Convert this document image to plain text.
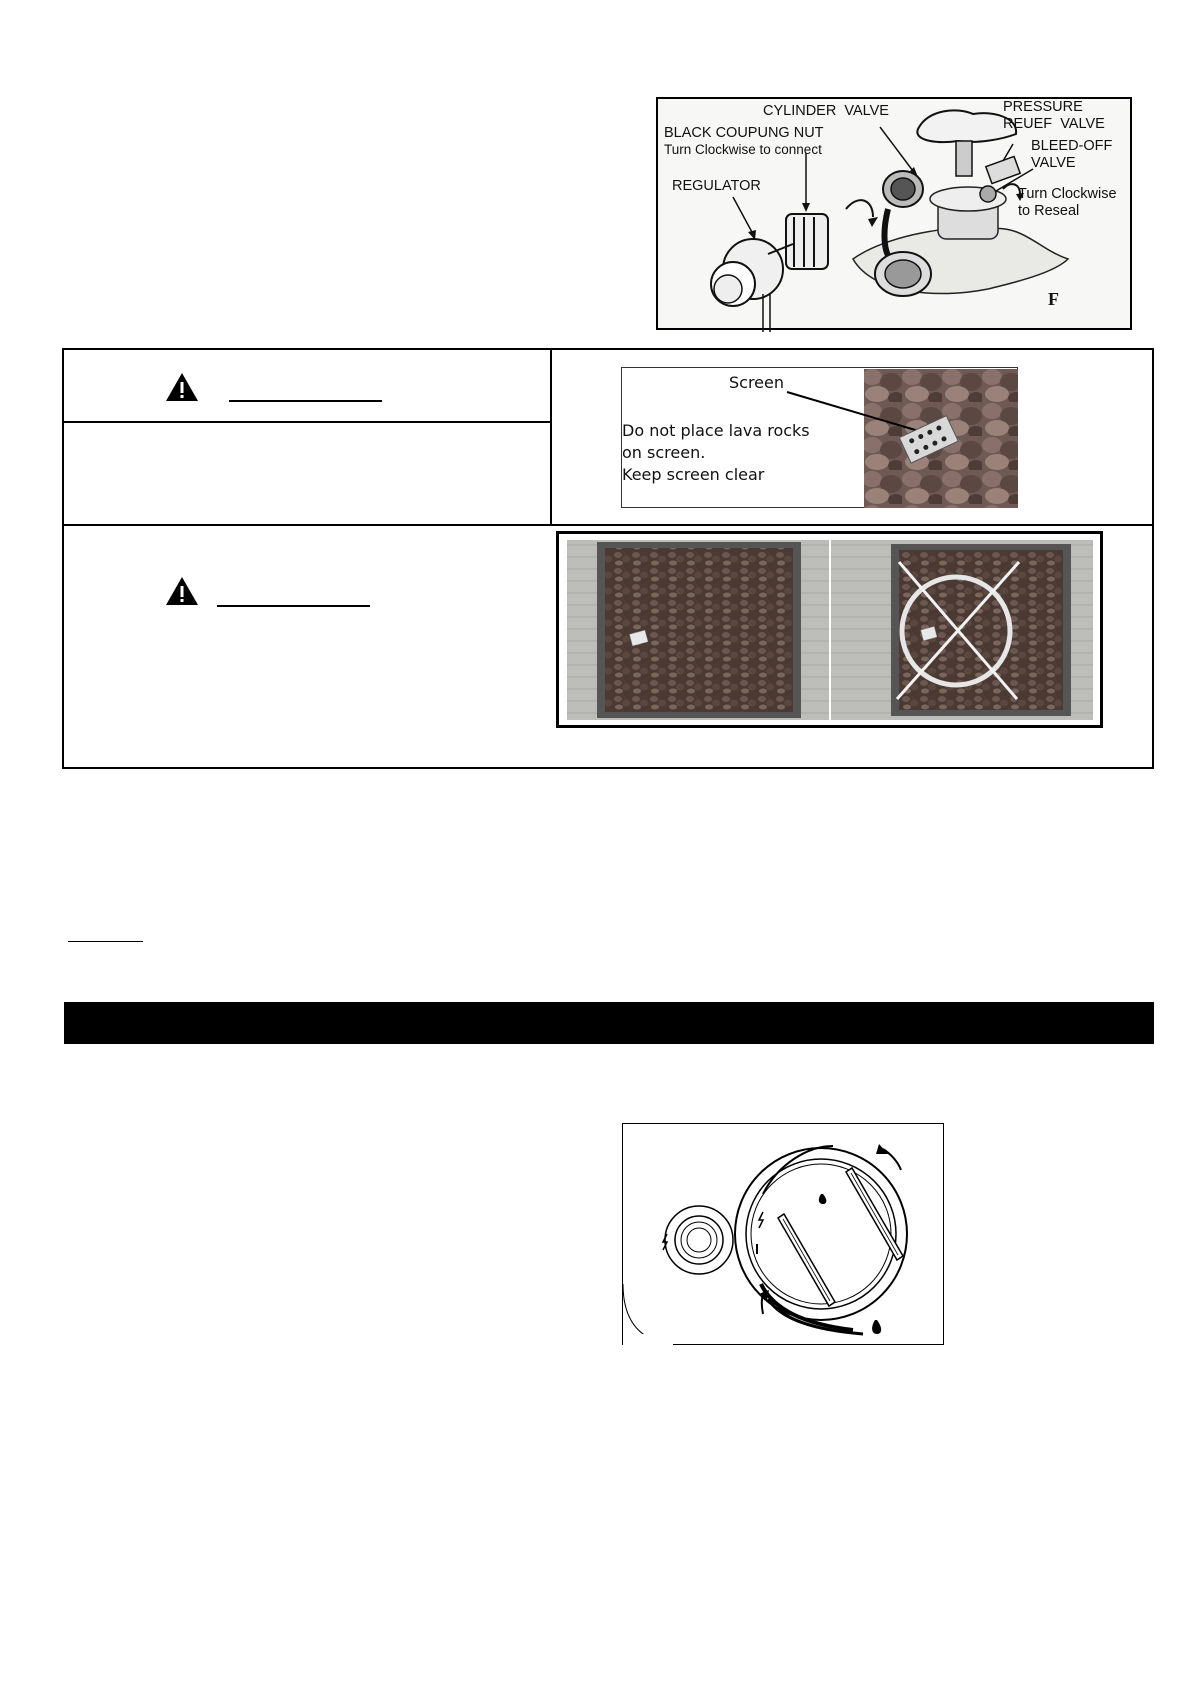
CYLINDER  VALVE	PRESSURE
REUEF  VALVE
BLACK COUPUNG NUT
Turn Clockwise to connect	BLEED-OFF
VALVE
REGULATOR	Turn Clockwise
to Reseal
F
Screen
Do not place lava rocks
on screen.
Keep screen clear
